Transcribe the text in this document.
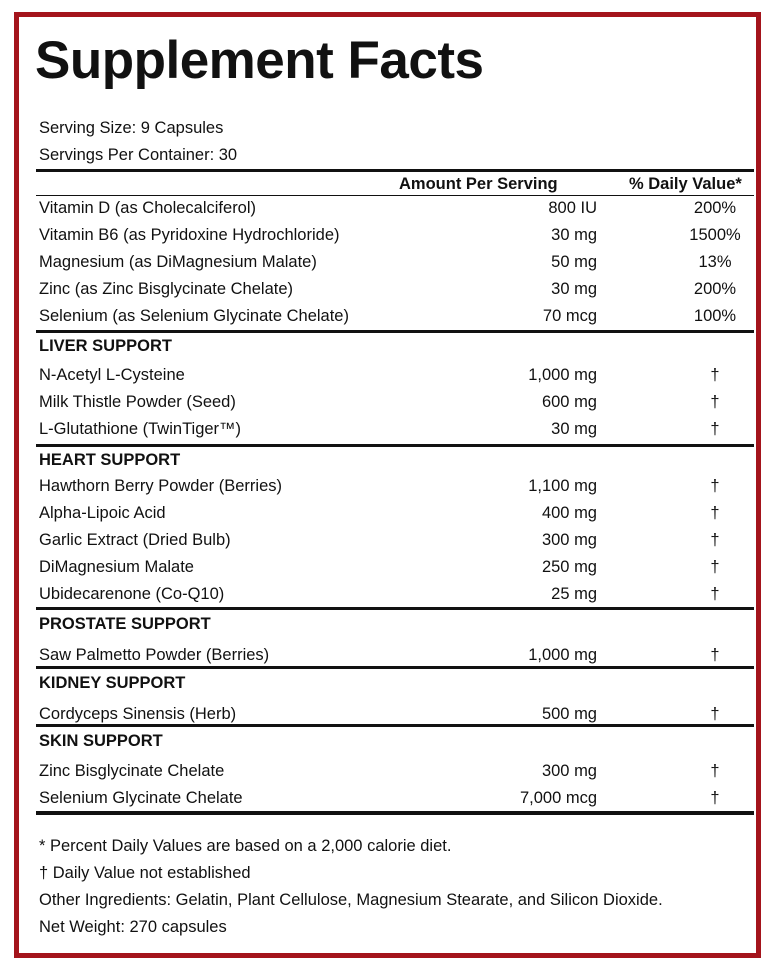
Supplement Facts
Serving Size: 9 Capsules
Servings Per Container: 30
Amount Per Serving	% Daily Value*
* Percent Daily Values are based on a 2,000 calorie diet.
† Daily Value not established
Other Ingredients: Gelatin, Plant Cellulose, Magnesium Stearate, and Silicon Dioxide.
Net Weight: 270 capsules
Vitamin D (as Cholecalciferol)	800 IU	200%
Vitamin B6 (as Pyridoxine Hydrochloride)	30 mg	1500%
Magnesium (as DiMagnesium Malate)	50 mg	13%
Zinc (as Zinc Bisglycinate Chelate)	30 mg	200%
Selenium (as Selenium Glycinate Chelate)	70 mcg	100%
LIVER SUPPORT
N-Acetyl L-Cysteine	1,000 mg	†
Milk Thistle Powder (Seed)	600 mg	†
L-Glutathione (TwinTiger™)	30 mg	†
HEART SUPPORT
Hawthorn Berry Powder (Berries)	1,100 mg	†
Alpha-Lipoic Acid	400 mg	†
Garlic Extract (Dried Bulb)	300 mg	†
DiMagnesium Malate	250 mg	†
Ubidecarenone (Co-Q10)	25 mg	†
PROSTATE SUPPORT
Saw Palmetto Powder (Berries)	1,000 mg	†
KIDNEY SUPPORT
Cordyceps Sinensis (Herb)	500 mg	†
SKIN SUPPORT
Zinc Bisglycinate Chelate	300 mg	†
Selenium Glycinate Chelate	7,000 mcg	†
